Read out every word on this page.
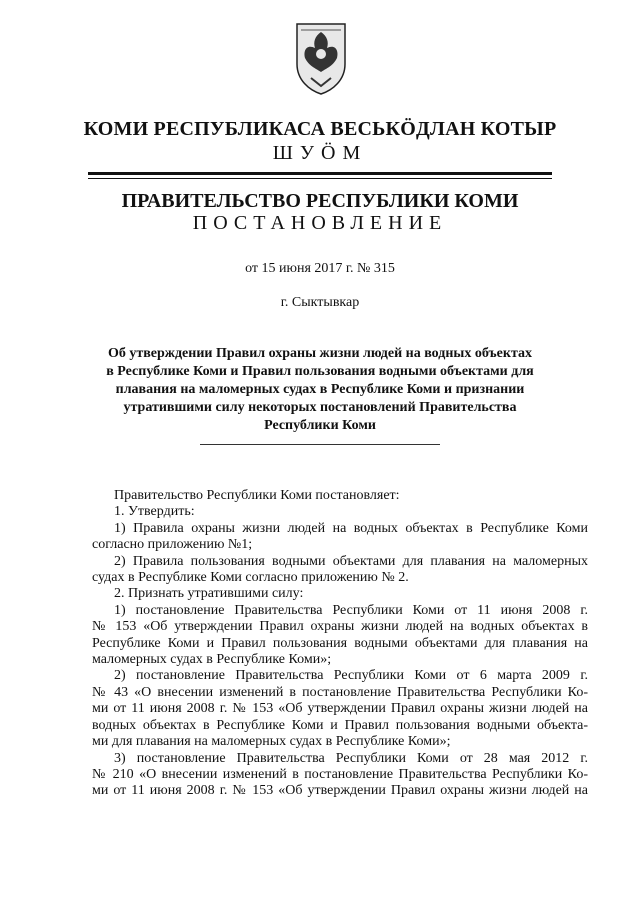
КОМИ РЕСПУБЛИКАСА ВЕСЬКÖДЛАН КОТЫР
ШУÖМ
ПРАВИТЕЛЬСТВО РЕСПУБЛИКИ КОМИ
ПОСТАНОВЛЕНИЕ
от 15 июня 2017 г. № 315
г. Сыктывкар
Об утверждении Правил охраны жизни людей на водных объектах
в Республике Коми и Правил пользования водными объектами для
плавания на маломерных судах в Республике Коми и признании
утратившими силу некоторых постановлений Правительства
Республики Коми
Правительство Республики Коми постановляет:
1. Утвердить:
1) Правила охраны жизни людей на водных объектах в Республике Коми
согласно приложению №1;
2) Правила пользования водными объектами для плавания на маломерных
судах в Республике Коми согласно приложению № 2.
2. Признать утратившими силу:
1) постановление Правительства Республики Коми от 11 июня 2008 г.
№ 153 «Об утверждении Правил охраны жизни людей на водных объектах в
Республике Коми и Правил пользования водными объектами для плавания на
маломерных судах в Республике Коми»;
2) постановление Правительства Республики Коми от 6 марта 2009 г.
№ 43 «О внесении изменений в постановление Правительства Республики Ко-
ми от 11 июня 2008 г. № 153 «Об утверждении Правил охраны жизни людей на
водных объектах в Республике Коми и Правил пользования водными объекта-
ми для плавания на маломерных судах в Республике Коми»;
3) постановление Правительства Республики Коми от 28 мая 2012 г.
№ 210 «О внесении изменений в постановление Правительства Республики Ко-
ми от 11 июня 2008 г. № 153 «Об утверждении Правил охраны жизни людей на
